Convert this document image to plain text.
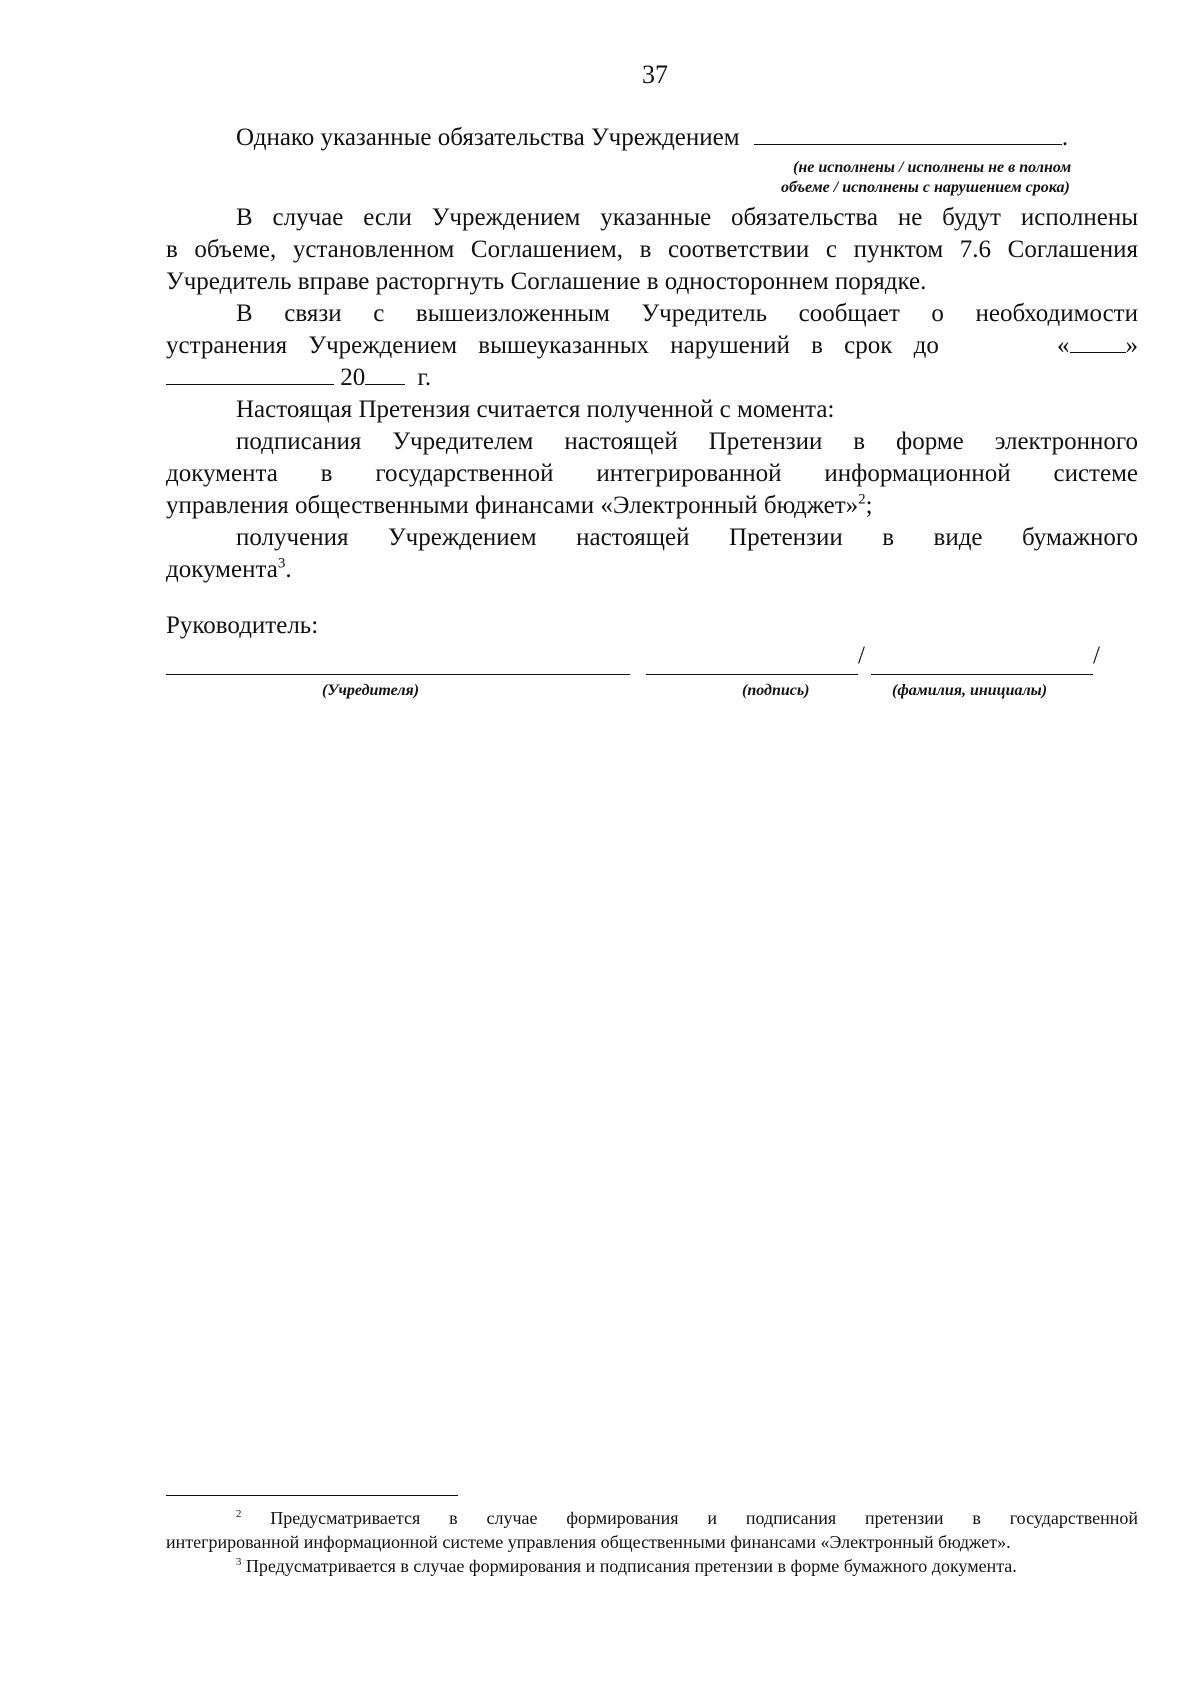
37
Однако указанные обязательства Учреждением	.
(не исполнены / исполнены не в полном
объеме / исполнены с нарушением срока)
В случае если Учреждением указанные обязательства не будут исполнены
в объеме, установленном Соглашением, в соответствии с пунктом 7.6 Соглашения
Учредитель вправе расторгнуть Соглашение в одностороннем порядке.
В связи с вышеизложенным Учредитель сообщает о необходимости
устранения Учреждением вышеуказанных нарушений в срок до	« »
20 г.
Настоящая Претензия считается полученной с момента:
подписания Учредителем настоящей Претензии в форме электронного
документа в государственной интегрированной информационной системе
управления общественными финансами «Электронный бюджет»$^2$;
получения Учреждением настоящей Претензии в виде бумажного
документа$^3$.
Руководитель:
/	/
(Учредителя)	(подпись)	(фамилия, инициалы)
$^2$ Предусматривается в случае формирования и подписания претензии в государственной
интегрированной информационной системе управления общественными финансами «Электронный бюджет».
$^3$ Предусматривается в случае формирования и подписания претензии в форме бумажного документа.
